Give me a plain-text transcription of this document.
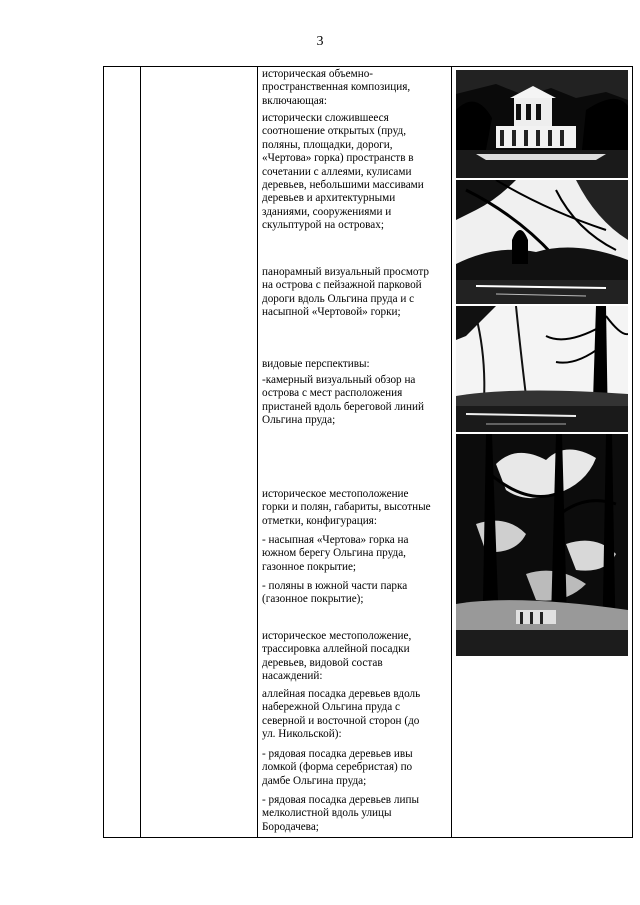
3
историческая объемно-
пространственная композиция,
включающая:
исторически сложившееся
соотношение открытых (пруд,
поляны, площадки, дороги,
«Чертова» горка) пространств в
сочетании с аллеями, кулисами
деревьев, небольшими массивами
деревьев и архитектурными
зданиями, сооружениями и
скульптурой на островах;
панорамный визуальный просмотр
на острова с пейзажной парковой
дороги вдоль Ольгина пруда и с
насыпной «Чертовой» горки;
видовые перспективы:
-камерный визуальный обзор на
острова с мест расположения
пристаней вдоль береговой линий
Ольгина пруда;
историческое местоположение
горки и полян, габариты, высотные
отметки, конфигурация:
- насыпная «Чертова» горка на
южном берегу Ольгина пруда,
газонное покрытие;
- поляны в южной части парка
(газонное покрытие);
историческое местоположение,
трассировка аллейной посадки
деревьев, видовой состав
насаждений:
аллейная посадка деревьев вдоль
набережной Ольгина пруда с
северной и восточной сторон (до
ул. Никольской):
- рядовая посадка деревьев ивы
ломкой (форма серебристая) по
дамбе Ольгина пруда;
- рядовая посадка деревьев липы
мелколистной вдоль улицы
Бородачева;
